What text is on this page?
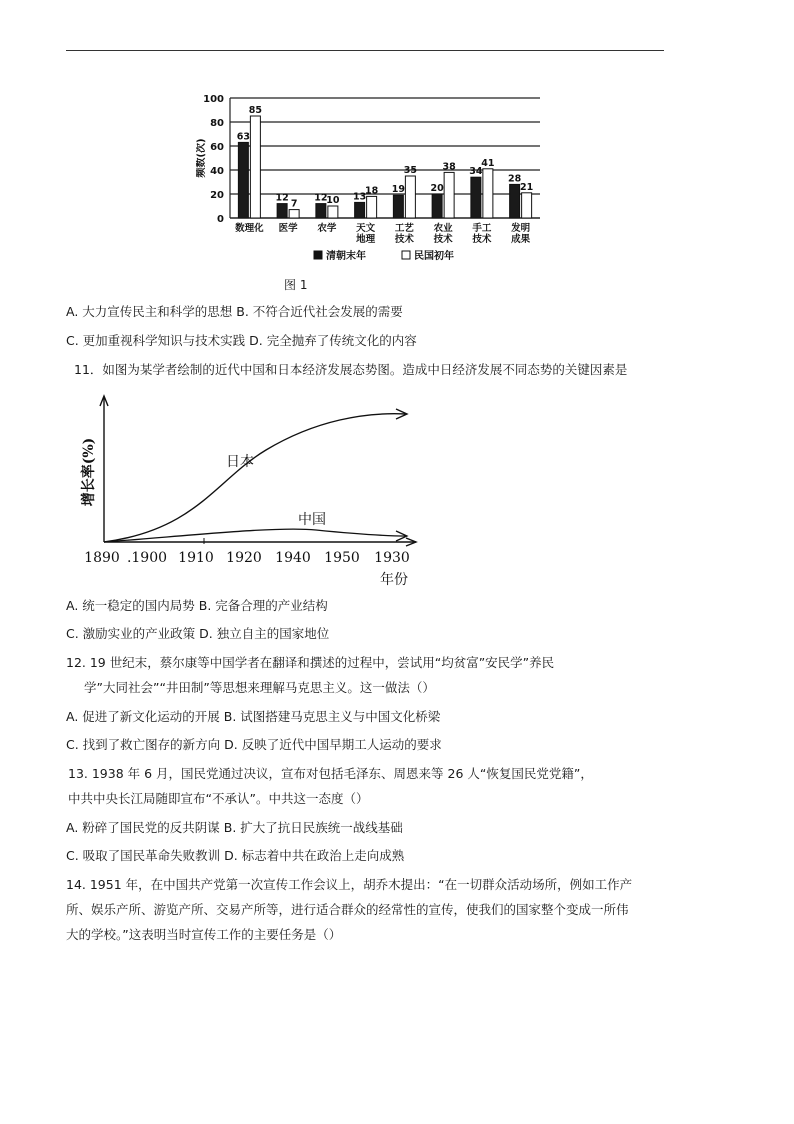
0
20
40
60
80
100
频数(次)
63
85
数理化
12
7
医学
12
10
农学
13
18
天文
地理
19
35
工艺
技术
20
38
农业
技术
34
41
手工
技术
28
21
发明
成果
清朝末年	民国初年
图 1
A. 大力宣传民主和科学的思想 B. 不符合近代社会发展的需要
C. 更加重视科学知识与技术实践 D. 完全抛弃了传统文化的内容
11．如图为某学者绘制的近代中国和日本经济发展态势图。造成中日经济发展不同态势的关键因素是
增长率(%)	日本
中国
1890 .1900 1910 1920 1940 1950 1930
年份
A. 统一稳定的国内局势 B. 完备合理的产业结构
C. 激励实业的产业政策 D. 独立自主的国家地位
12. 19 世纪末，蔡尔康等中国学者在翻译和撰述的过程中，尝试用“均贫富”安民学”养民
学”大同社会”“井田制”等思想来理解马克思主义。这一做法（）
A. 促进了新文化运动的开展 B. 试图搭建马克思主义与中国文化桥梁
C. 找到了救亡图存的新方向 D. 反映了近代中国早期工人运动的要求
13. 1938 年 6 月，国民党通过决议，宣布对包括毛泽东、周恩来等 26 人“恢复国民党党籍”，
中共中央长江局随即宣布“不承认”。中共这一态度（）
A. 粉碎了国民党的反共阴谋 B. 扩大了抗日民族统一战线基础
C. 吸取了国民革命失败教训 D. 标志着中共在政治上走向成熟
14. 1951 年，在中国共产党第一次宣传工作会议上，胡乔木提出：“在一切群众活动场所，例如工作产
所、娱乐产所、游览产所、交易产所等，进行适合群众的经常性的宣传，使我们的国家整个变成一所伟
大的学校。”这表明当时宣传工作的主要任务是（）
